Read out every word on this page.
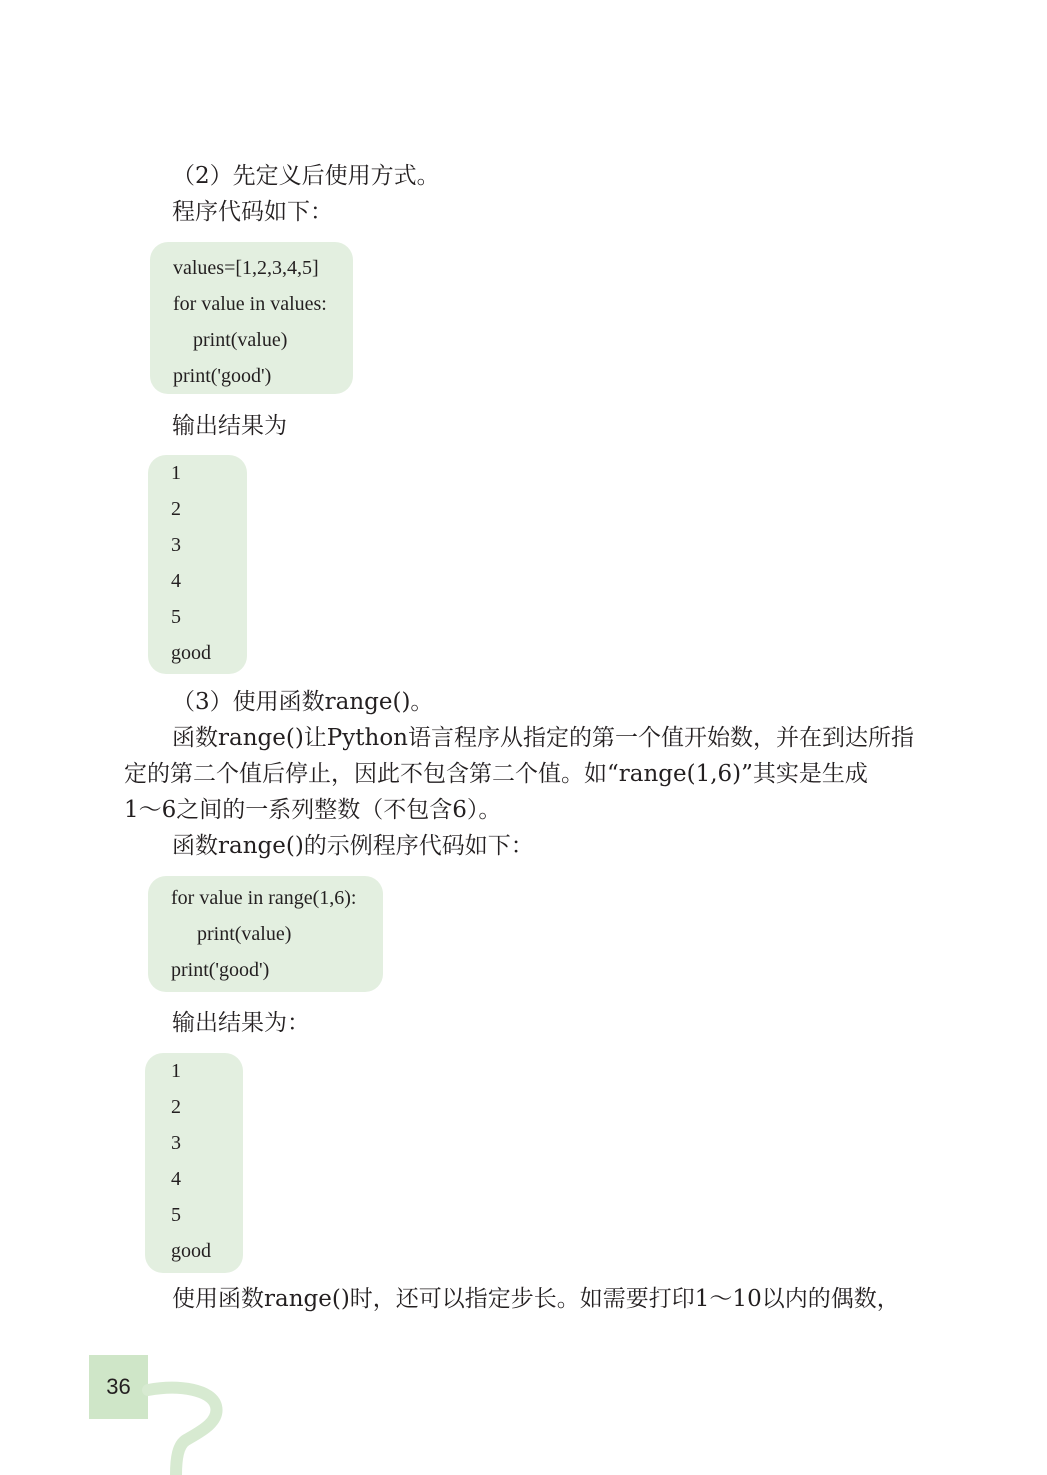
（2）先定义后使用方式。

程序代码如下：

values=[1,2,3,4,5]

for value in values:

print(value)

print('good')

输出结果为

1

2

3

4

5

good

（3）使用函数range()。

函数range()让Python语言程序从指定的第一个值开始数，并在到达所指

定的第二个值后停止，因此不包含第二个值。如“range(1,6)”其实是生成

1～6之间的一系列整数（不包含6）。

函数range()的示例程序代码如下：

for value in range(1,6):

print(value)

print('good')

输出结果为：

1

2

3

4

5

good

使用函数range()时，还可以指定步长。如需要打印1～10以内的偶数，

36
